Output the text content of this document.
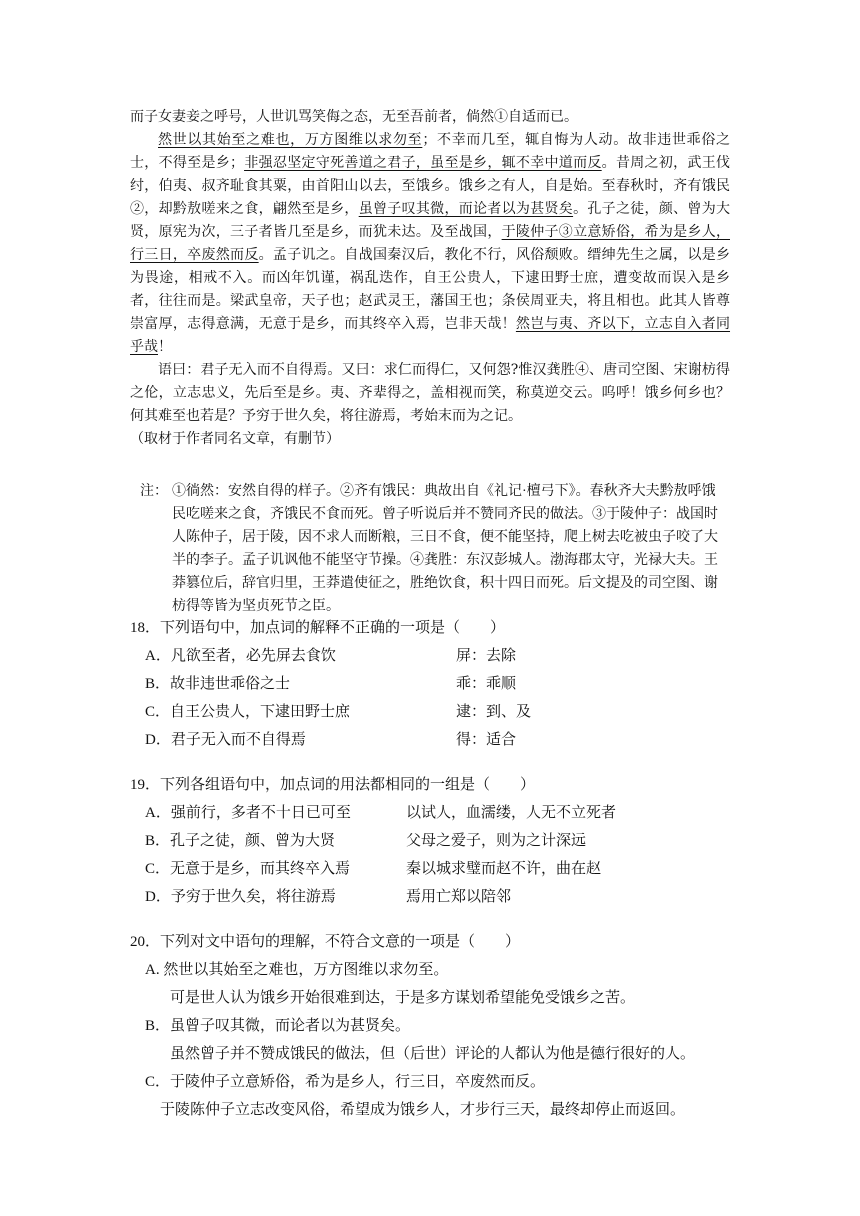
而子女妻妾之呼号，人世讥骂笑侮之态，无至吾前者，倘然①自适而已。

然世以其始至之难也，万方图维以求勿至；不幸而几至，辄自悔为人动。故非违世乖俗之士，不得至是乡；非强忍坚定守死善道之君子，虽至是乡，辄不幸中道而反。昔周之初，武王伐纣，伯夷、叔齐耻食其粟，由首阳山以去，至饿乡。饿乡之有人，自是始。至春秋时，齐有饿民②，却黔敖嗟来之食，翩然至是乡，虽曾子叹其微，而论者以为甚贤矣。孔子之徒，颜、曾为大贤，原宪为次，三子者皆几至是乡，而犹未达。及至战国，于陵仲子③立意矫俗，希为是乡人，行三日，卒废然而反。孟子讥之。自战国秦汉后，教化不行，风俗颓败。缙绅先生之属，以是乡为畏途，相戒不入。而凶年饥谨，祸乱迭作，自王公贵人，下逮田野士庶，遭变故而误入是乡者，往往而是。梁武皇帝，天子也；赵武灵王，藩国王也；条侯周亚夫，将且相也。此其人皆尊崇富厚，志得意满，无意于是乡，而其终卒入焉，岂非天哉！然岂与夷、齐以下，立志自入者同乎哉！

语曰：君子无入而不自得焉。又曰：求仁而得仁，又何怨?惟汉龚胜④、唐司空图、宋谢枋得之伦，立志忠义，先后至是乡。夷、齐辈得之，盖相视而笑，称莫逆交云。呜呼！饿乡何乡也？何其难至也若是？予穷于世久矣，将往游焉，考始末而为之记。

（取材于作者同名文章，有删节）

注： ①徜然：安然自得的样子。②齐有饿民：典故出自《礼记·檀弓下》。春秋齐大夫黔敖呼饿民吃嗟来之食，齐饿民不食而死。曾子听说后并不赞同齐民的做法。③于陵仲子：战国时人陈仲子，居于陵，因不求人而断粮，三日不食，便不能坚持，爬上树去吃被虫子咬了大半的李子。孟子讥讽他不能坚守节操。④龚胜：东汉彭城人。渤海郡太守，光禄大夫。王莽篡位后，辞官归里，王莽遣使征之，胜绝饮食，积十四日而死。后文提及的司空图、谢枋得等皆为坚贞死节之臣。

18．下列语句中，加点词的解释不正确的一项是（　　）

A．凡欲至者，必先屏去食饮	屏：去除
B．故非违世乖俗之士	乖：乖顺
C．自王公贵人，下逮田野士庶	逮：到、及
D．君子无入而不自得焉	得：适合

19．下列各组语句中，加点词的用法都相同的一组是（　　）

A．强前行，多者不十日已可至	以试人，血濡缕，人无不立死者
B．孔子之徒，颜、曾为大贤	父母之爱子，则为之计深远
C．无意于是乡，而其终卒入焉	秦以城求璧而赵不许，曲在赵
D．予穷于世久矣，将往游焉	焉用亡郑以陪邻

20．下列对文中语句的理解，不符合文意的一项是（　　）

A. 然世以其始至之难也，万方图维以求勿至。

可是世人认为饿乡开始很难到达，于是多方谋划希望能免受饿乡之苦。

B．虽曾子叹其微，而论者以为甚贤矣。

虽然曾子并不赞成饿民的做法，但（后世）评论的人都认为他是德行很好的人。

C．于陵仲子立意矫俗，希为是乡人，行三日，卒废然而反。

于陵陈仲子立志改变风俗，希望成为饿乡人，才步行三天，最终却停止而返回。
